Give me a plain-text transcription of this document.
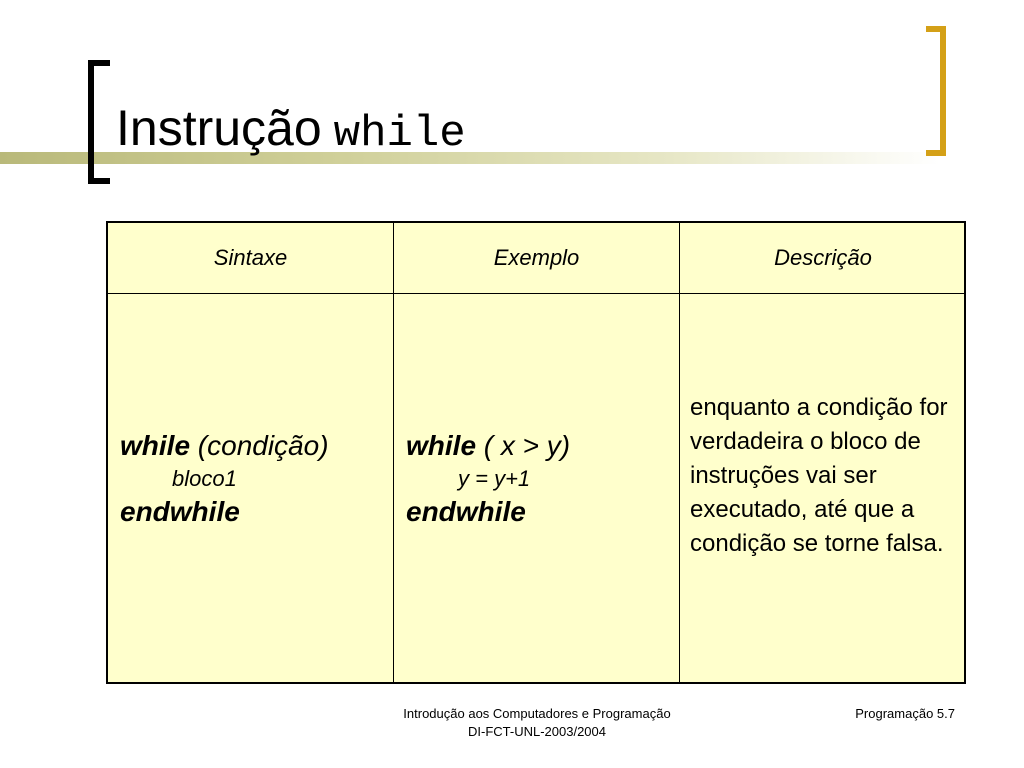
Instrução while
Sintaxe	Exemplo	Descrição
while (condição)
bloco1
endwhile
while ( x > y)
y = y+1
endwhile
enquanto a condição for verdadeira o bloco de instruções vai ser executado, até que a condição se torne falsa.
Introdução aos Computadores e Programação
DI-FCT-UNL-2003/2004
Programação 5.7
